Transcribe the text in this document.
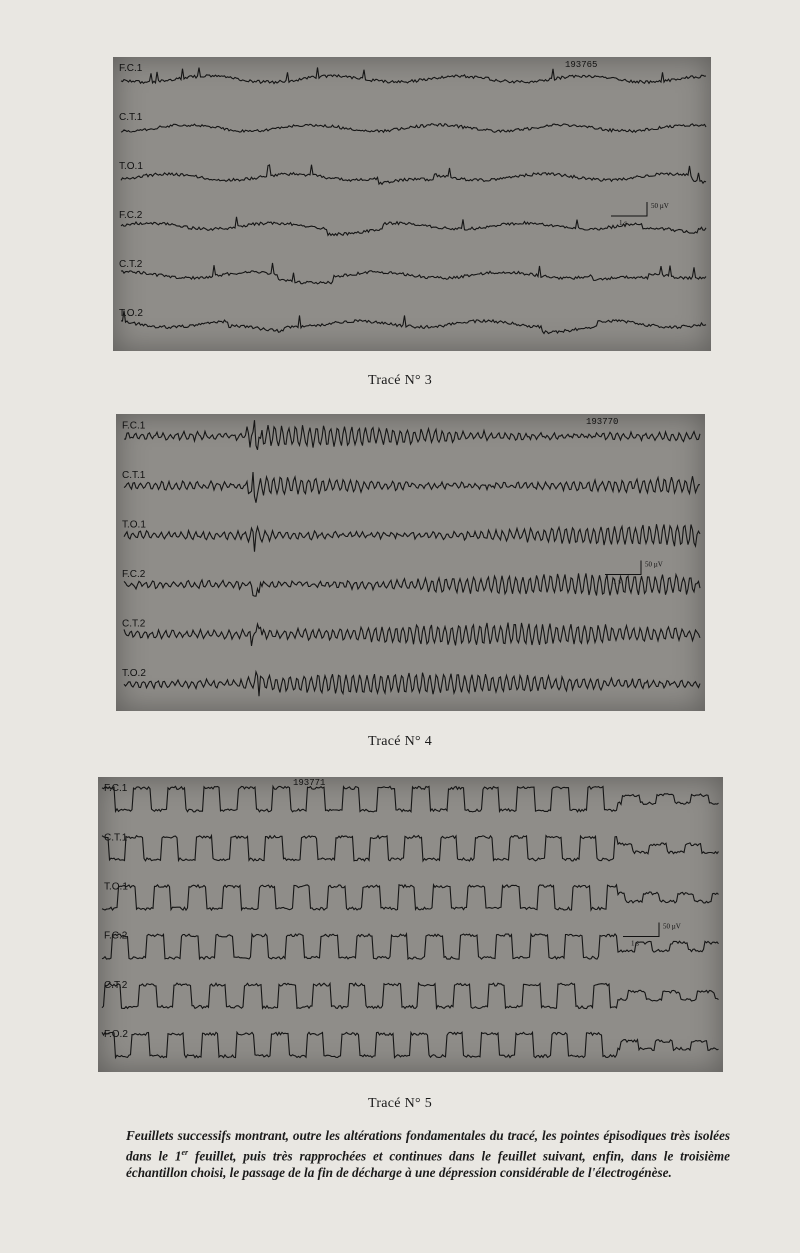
193765
F.C.1
C.T.1
T.O.1
F.C.2
C.T.2
T.O.2
50 µV
1 s
Tracé N° 3
193770
F.C.1
C.T.1
T.O.1
F.C.2
C.T.2
T.O.2
50 µV
1 s
Tracé N° 4
193771
F.C.1
C.T.1
T.O.1
F.C.2
C.T.2
F.O.2
50 µV
1 s
Tracé N° 5

Feuillets successifs montrant, outre les altérations fondamentales du tracé, les pointes épisodiques très isolées dans le 1er feuillet, puis très rapprochées et continues dans le feuillet suivant, enfin, dans le troisième échantillon choisi, le passage de la fin de décharge à une dépression considérable de l'électrogénèse.
